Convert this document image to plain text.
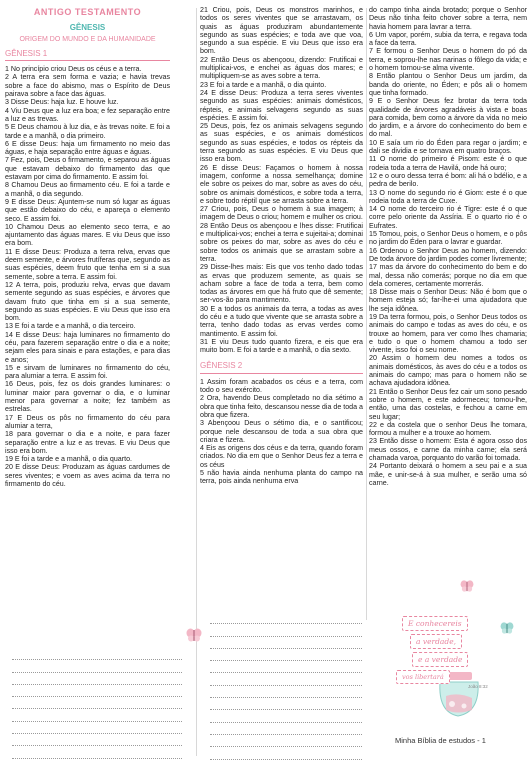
ANTIGO TESTAMENTO
GÊNESIS
ORIGEM DO MUNDO E DA HUMANIDADE
GÊNESIS 1

1 No princípio criou Deus os céus e a terra.

2 A terra era sem forma e vazia; e havia trevas sobre a face do abismo, mas o Espírito de Deus pairava sobre a face das águas.

3 Disse Deus: haja luz. E houve luz.

4 Viu Deus que a luz era boa; e fez separação entre a luz e as trevas.

5 E Deus chamou à luz dia, e às trevas noite. E foi a tarde e a manhã, o dia primeiro.

6 E disse Deus: haja um firmamento no meio das águas, e haja separação entre águas e águas.

7 Fez, pois, Deus o firmamento, e separou as águas que estavam debaixo do firmamento das que estavam por cima do firmamento. E assim foi.

8 Chamou Deus ao firmamento céu. E foi a tarde e a manhã, o dia segundo.

9 E disse Deus: Ajuntem-se num só lugar as águas que estão debaixo do céu, e apareça o elemento seco. E assim foi.

10 Chamou Deus ao elemento seco terra, e ao ajuntamento das águas mares. E viu Deus que isso era bom.

11 E disse Deus: Produza a terra relva, ervas que deem semente, e árvores frutíferas que, segundo as suas espécies, deem fruto que tenha em si a sua semente, sobre a terra. E assim foi.

12 A terra, pois, produziu relva, ervas que davam semente segundo as suas espécies, e árvores que davam fruto que tinha em si a sua semente, segundo as suas espécies. E viu Deus que isso era bom.

13 E foi a tarde e a manhã, o dia terceiro.

14 E disse Deus: haja luminares no firmamento do céu, para fazerem separação entre o dia e a noite; sejam eles para sinais e para estações, e para dias e anos;

15 e sirvam de luminares no firmamento do céu, para alumiar a terra. E assim foi.

16 Deus, pois, fez os dois grandes luminares: o luminar maior para governar o dia, e o luminar menor para governar a noite; fez também as estrelas.

17 E Deus os pôs no firmamento do céu para alumiar a terra,

18 para governar o dia e a noite, e para fazer separação entre a luz e as trevas. E viu Deus que isso era bom.

19 E foi a tarde e a manhã, o dia quarto.

20 E disse Deus: Produzam as águas cardumes de seres viventes; e voem as aves acima da terra no firmamento do céu.

21 Criou, pois, Deus os monstros marinhos, e todos os seres viventes que se arrastavam, os quais as águas produziram abundantemente segundo as suas espécies; e toda ave que voa, segundo a sua espécie. E viu Deus que isso era bom.

22 Então Deus os abençoou, dizendo: Frutificai e multiplicai-vos, e enchei as águas dos mares; e multipliquem-se as aves sobre a terra.

23 E foi a tarde e a manhã, o dia quinto.

24 E disse Deus: Produza a terra seres viventes segundo as suas espécies: animais domésticos, répteis, e animais selvagens segundo as suas espécies. E assim foi.

25 Deus, pois, fez os animais selvagens segundo as suas espécies, e os animais domésticos segundo as suas espécies, e todos os répteis da terra segundo as suas espécies. E viu Deus que isso era bom.

26 E disse Deus: Façamos o homem à nossa imagem, conforme a nossa semelhança; domine ele sobre os peixes do mar, sobre as aves do céu, sobre os animais domésticos, e sobre toda a terra, e sobre todo réptil que se arrasta sobre a terra.

27 Criou, pois, Deus o homem à sua imagem; à imagem de Deus o criou; homem e mulher os criou.

28 Então Deus os abençoou e lhes disse: Frutificai e multiplicai-vos; enchei a terra e sujeitai-a; dominai sobre os peixes do mar, sobre as aves do céu e sobre todos os animais que se arrastam sobre a terra.

29 Disse-lhes mais: Eis que vos tenho dado todas as ervas que produzem semente, as quais se acham sobre a face de toda a terra, bem como todas as árvores em que há fruto que dê semente; ser-vos-ão para mantimento.

30 E a todos os animais da terra, a todas as aves do céu e a tudo que vivente que se arrasta sobre a terra, tenho dado todas as ervas verdes como mantimento. E assim foi.

31 E viu Deus tudo quanto fizera, e eis que era muito bom. E foi a tarde e a manhã, o dia sexto.

GÊNESIS 2

1 Assim foram acabados os céus e a terra, com todo o seu exército.

2 Ora, havendo Deus completado no dia sétimo a obra que tinha feito, descansou nesse dia de toda a obra que fizera.

3 Abençoou Deus o sétimo dia, e o santificou; porque nele descansou de toda a sua obra que criara e fizera.

4 Eis as origens dos céus e da terra, quando foram criados. No dia em que o Senhor Deus fez a terra e os céus

5 não havia ainda nenhuma planta do campo na terra, pois ainda nenhuma erva

do campo tinha ainda brotado; porque o Senhor Deus não tinha feito chover sobre a terra, nem havia homem para lavrar a terra.

6 Um vapor, porém, subia da terra, e regava toda a face da terra.

7 E formou o Senhor Deus o homem do pó da terra, e soprou-lhe nas narinas o fôlego da vida; e o homem tornou-se alma vivente.

8 Então plantou o Senhor Deus um jardim, da banda do oriente, no Éden; e pôs ali o homem que tinha formado.

9 E o Senhor Deus fez brotar da terra toda qualidade de árvores agradáveis à vista e boas para comida, bem como a árvore da vida no meio do jardim, e a árvore do conhecimento do bem e do mal.

10 E saía um rio do Éden para regar o jardim; e dali se dividia e se tornava em quatro braços.

11 O nome do primeiro é Pisom: este é o que rodeia toda a terra de Havilá, onde há ouro;

12 e o ouro dessa terra é bom: ali há o bdélio, e a pedra de berilo.

13 O nome do segundo rio é Giom: este é o que rodeia toda a terra de Cuxe.

14 O nome do terceiro rio é Tigre: este é o que corre pelo oriente da Assíria. E o quarto rio é o Eufrates.

15 Tomou, pois, o Senhor Deus o homem, e o pôs no jardim do Éden para o lavrar e guardar.

16 Ordenou o Senhor Deus ao homem, dizendo: De toda árvore do jardim podes comer livremente;

17 mas da árvore do conhecimento do bem e do mal, dessa não comerás; porque no dia em que dela comeres, certamente morrerás.

18 Disse mais o Senhor Deus: Não é bom que o homem esteja só; far-lhe-ei uma ajudadora que lhe seja idônea.

19 Da terra formou, pois, o Senhor Deus todos os animais do campo e todas as aves do céu, e os trouxe ao homem, para ver como lhes chamaria; e tudo o que o homem chamou a todo ser vivente, isso foi o seu nome.

20 Assim o homem deu nomes a todos os animais domésticos, às aves do céu e a todos os animais do campo; mas para o homem não se achava ajudadora idônea.

21 Então o Senhor Deus fez cair um sono pesado sobre o homem, e este adormeceu; tomou-lhe, então, uma das costelas, e fechou a carne em seu lugar;

22 e da costela que o senhor Deus lhe tomara, formou a mulher e a trouxe ao homem.

23 Então disse o homem: Esta é agora osso dos meus ossos, e carne da minha carne; ela será chamada varoa, porquanto do varão foi tomada.

24 Portanto deixará o homem a seu pai e a sua mãe, e unir-se-á à sua mulher, e serão uma só carne.

E conhecereis
a verdade,
e a verdade
vos libertará
João 8:32
Minha Bíblia de estudos - 1
